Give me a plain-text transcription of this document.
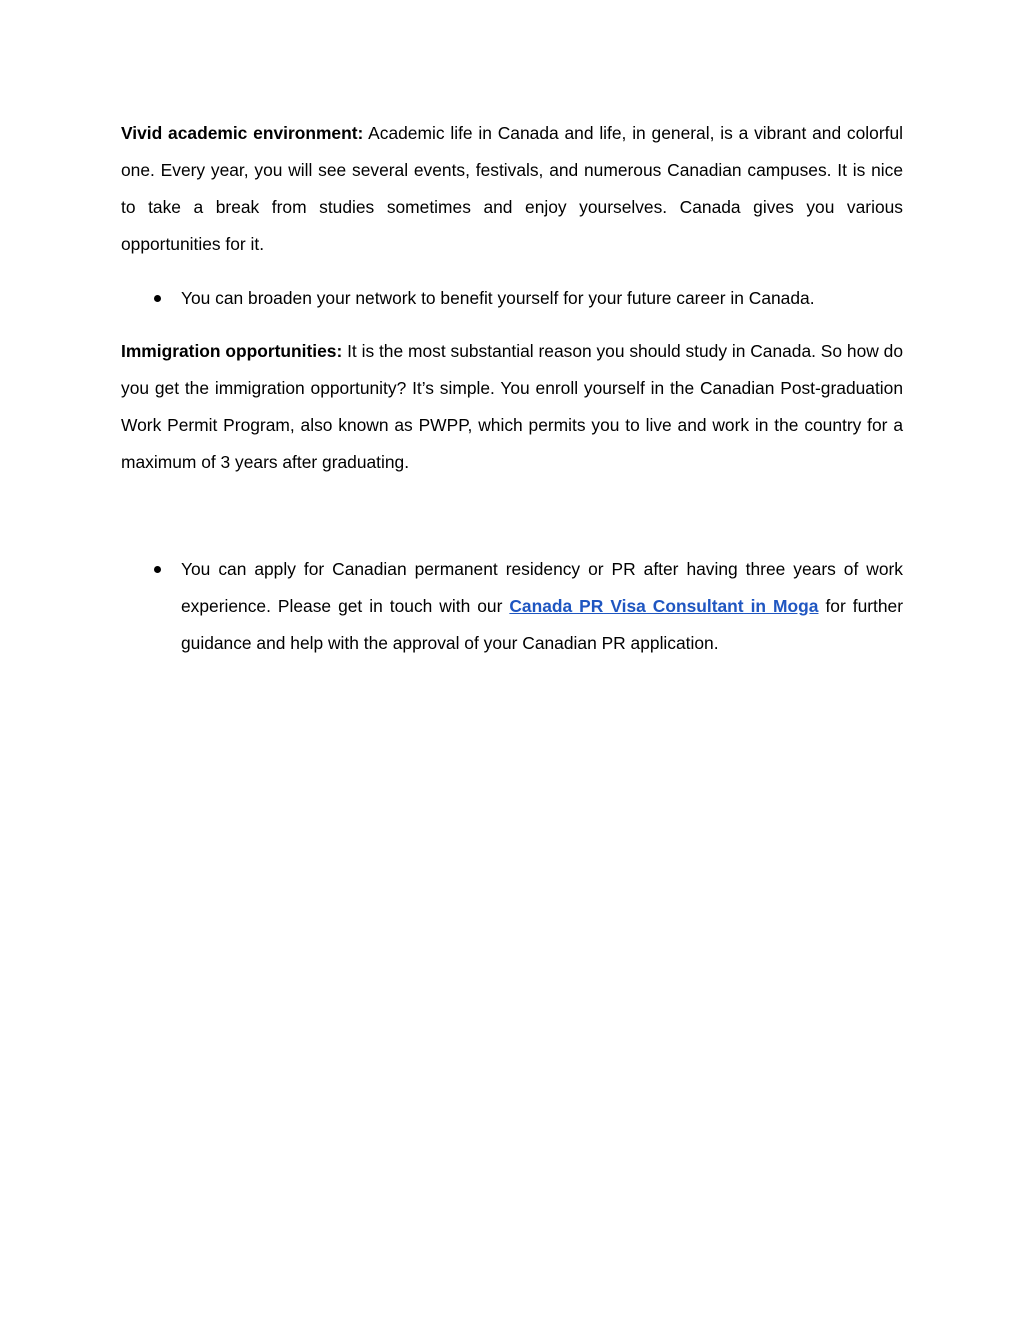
Vivid academic environment: Academic life in Canada and life, in general, is a vibrant and colorful one. Every year, you will see several events, festivals, and numerous Canadian campuses. It is nice to take a break from studies sometimes and enjoy yourselves. Canada gives you various opportunities for it.

You can broaden your network to benefit yourself for your future career in Canada.

Immigration opportunities: It is the most substantial reason you should study in Canada. So how do you get the immigration opportunity? It’s simple. You enroll yourself in the Canadian Post-graduation Work Permit Program, also known as PWPP, which permits you to live and work in the country for a maximum of 3 years after graduating.

You can apply for Canadian permanent residency or PR after having three years of work experience. Please get in touch with our Canada PR Visa Consultant in Moga for further guidance and help with the approval of your Canadian PR application.
